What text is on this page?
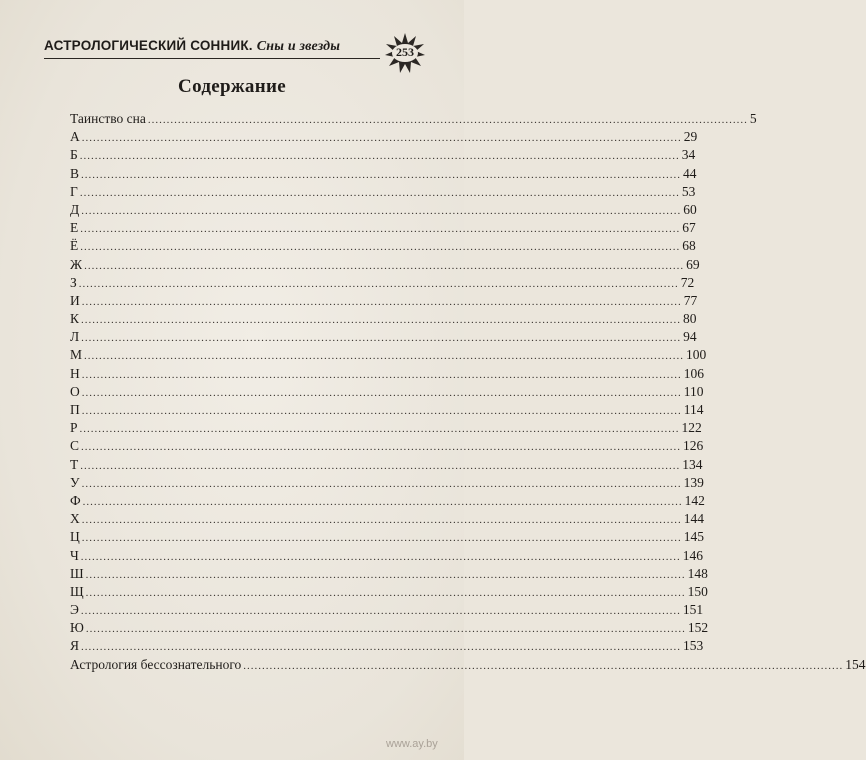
АСТРОЛОГИЧЕСКИЙ СОННИК. Сны и звезды	253
Содержание
Таинство сна ................................................................................................................................................................ 5
А ................................................................................................................................................................ 29
Б ................................................................................................................................................................ 34
В ................................................................................................................................................................ 44
Г ................................................................................................................................................................ 53
Д ................................................................................................................................................................ 60
Е ................................................................................................................................................................ 67
Ё ................................................................................................................................................................ 68
Ж ................................................................................................................................................................ 69
З ................................................................................................................................................................ 72
И ................................................................................................................................................................ 77
К ................................................................................................................................................................ 80
Л ................................................................................................................................................................ 94
М ................................................................................................................................................................ 100
Н ................................................................................................................................................................ 106
О ................................................................................................................................................................ 110
П ................................................................................................................................................................ 114
Р ................................................................................................................................................................ 122
С ................................................................................................................................................................ 126
Т ................................................................................................................................................................ 134
У ................................................................................................................................................................ 139
Ф ................................................................................................................................................................ 142
Х ................................................................................................................................................................ 144
Ц ................................................................................................................................................................ 145
Ч ................................................................................................................................................................ 146
Ш ................................................................................................................................................................ 148
Щ ................................................................................................................................................................ 150
Э ................................................................................................................................................................ 151
Ю ................................................................................................................................................................ 152
Я ................................................................................................................................................................ 153
Астрология бессознательного ................................................................................................................................................................ 154
www.ay.by
